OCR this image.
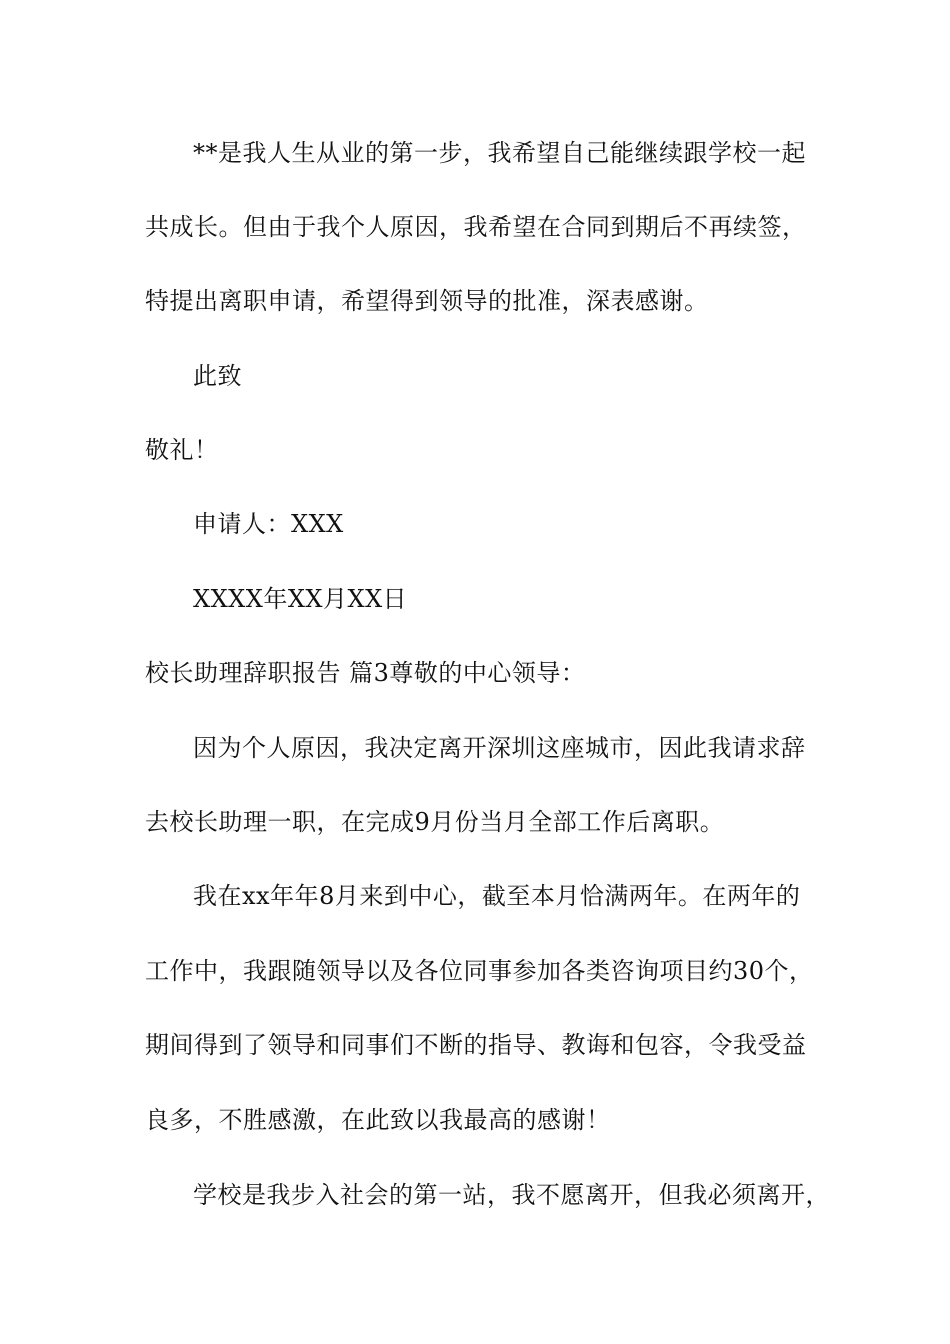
**是我人生从业的第一步，我希望自己能继续跟学校一起

共成长。但由于我个人原因，我希望在合同到期后不再续签，

特提出离职申请，希望得到领导的批准，深表感谢。

此致

敬礼！

申请人：XXX

XXXX年XX月XX日

校长助理辞职报告 篇3尊敬的中心领导：

因为个人原因，我决定离开深圳这座城市，因此我请求辞

去校长助理一职，在完成9月份当月全部工作后离职。

我在xx年年8月来到中心，截至本月恰满两年。在两年的

工作中，我跟随领导以及各位同事参加各类咨询项目约30个，

期间得到了领导和同事们不断的指导、教诲和包容，令我受益

良多，不胜感激，在此致以我最高的感谢！

学校是我步入社会的第一站，我不愿离开，但我必须离开，
